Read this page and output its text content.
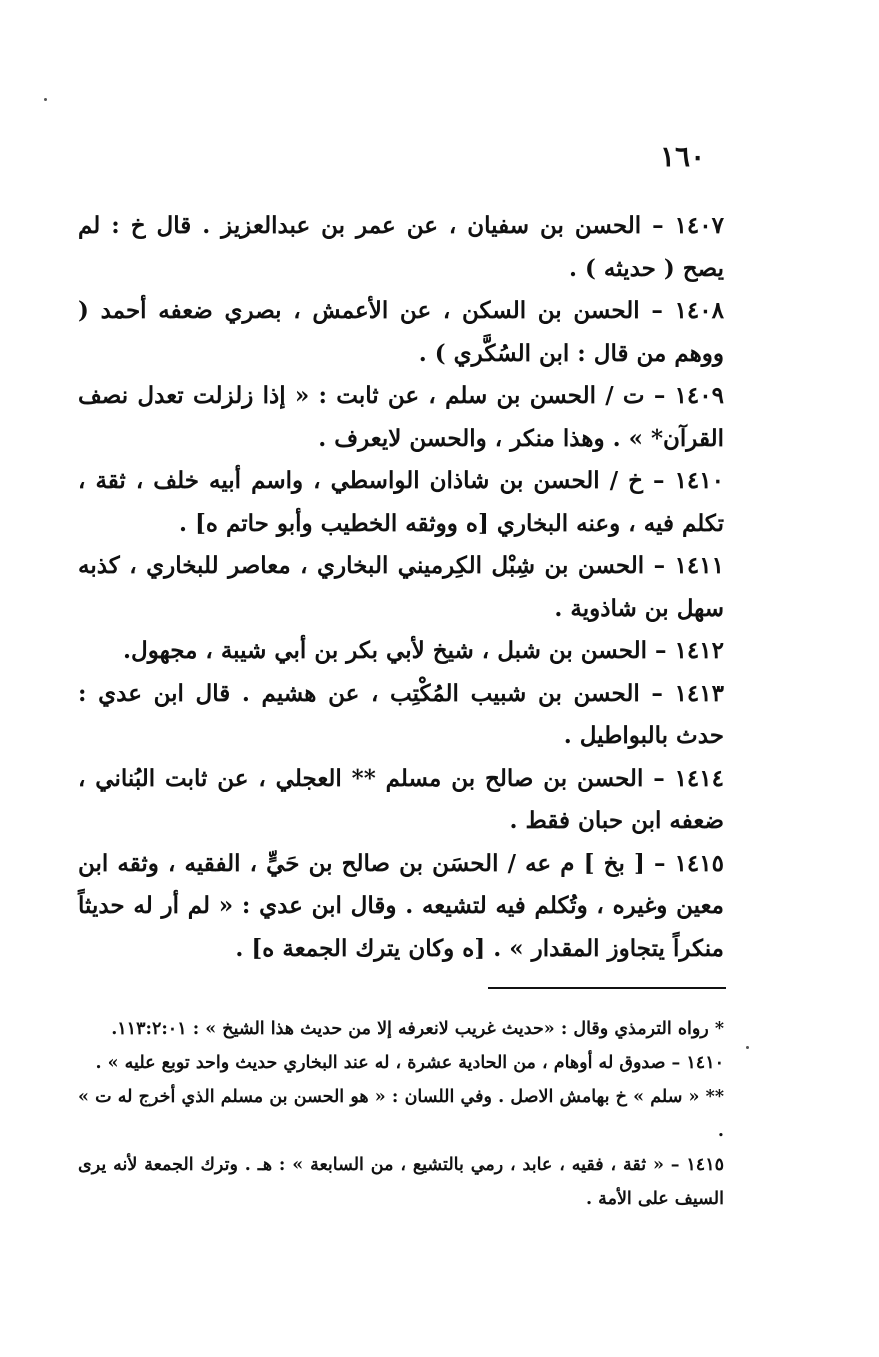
١٦٠

١٤٠٧ – الحسن بن سفيان ، عن عمر بن عبدالعزيز . قال خ : لم يصح ( حديثه ) .

١٤٠٨ – الحسن بن السكن ، عن الأعمش ، بصري ضعفه أحمد ( ووهم من قال : ابن السُكَّري ) .

١٤٠٩ – ت / الحسن بن سلم ، عن ثابت : « إذا زلزلت تعدل نصف القرآن* » . وهذا منكر ، والحسن لايعرف .

١٤١٠ – خ / الحسن بن شاذان الواسطي ، واسم أبيه خلف ، ثقة ، تكلم فيه ، وعنه البخاري [ه ووثقه الخطيب وأبو حاتم ه] .

١٤١١ – الحسن بن شِبْل الكِرميني البخاري ، معاصر للبخاري ، كذبه سهل بن شاذوية .

١٤١٢ – الحسن بن شبل ، شيخ لأبي بكر بن أبي شيبة ، مجهول.

١٤١٣ – الحسن بن شبيب المُكْتِب ، عن هشيم . قال ابن عدي : حدث بالبواطيل .

١٤١٤ – الحسن بن صالح بن مسلم ** العجلي ، عن ثابت البُناني ، ضعفه ابن حبان فقط .

١٤١٥ – [ بخ ] م عه / الحسَن بن صالح بن حَيٍّ ، الفقيه ، وثقه ابن معين وغيره ، وتُكلم فيه لتشيعه . وقال ابن عدي : « لم أر له حديثاً منكراً يتجاوز المقدار » . [ه وكان يترك الجمعة ه] .

* رواه الترمذي وقال : «حديث غريب لانعرفه إلا من حديث هذا الشيخ » : ١١٣:٢:٠١.

١٤١٠ – صدوق له أوهام ، من الحادية عشرة ، له عند البخاري حديث واحد توبع عليه » .

** « سلم » خ بهامش الاصل . وفي اللسان : « هو الحسن بن مسلم الذي أخرج له ت » .

١٤١٥ – « ثقة ، فقيه ، عابد ، رمي بالتشيع ، من السابعة » : هـ . وترك الجمعة لأنه يرى السيف على الأمة .
